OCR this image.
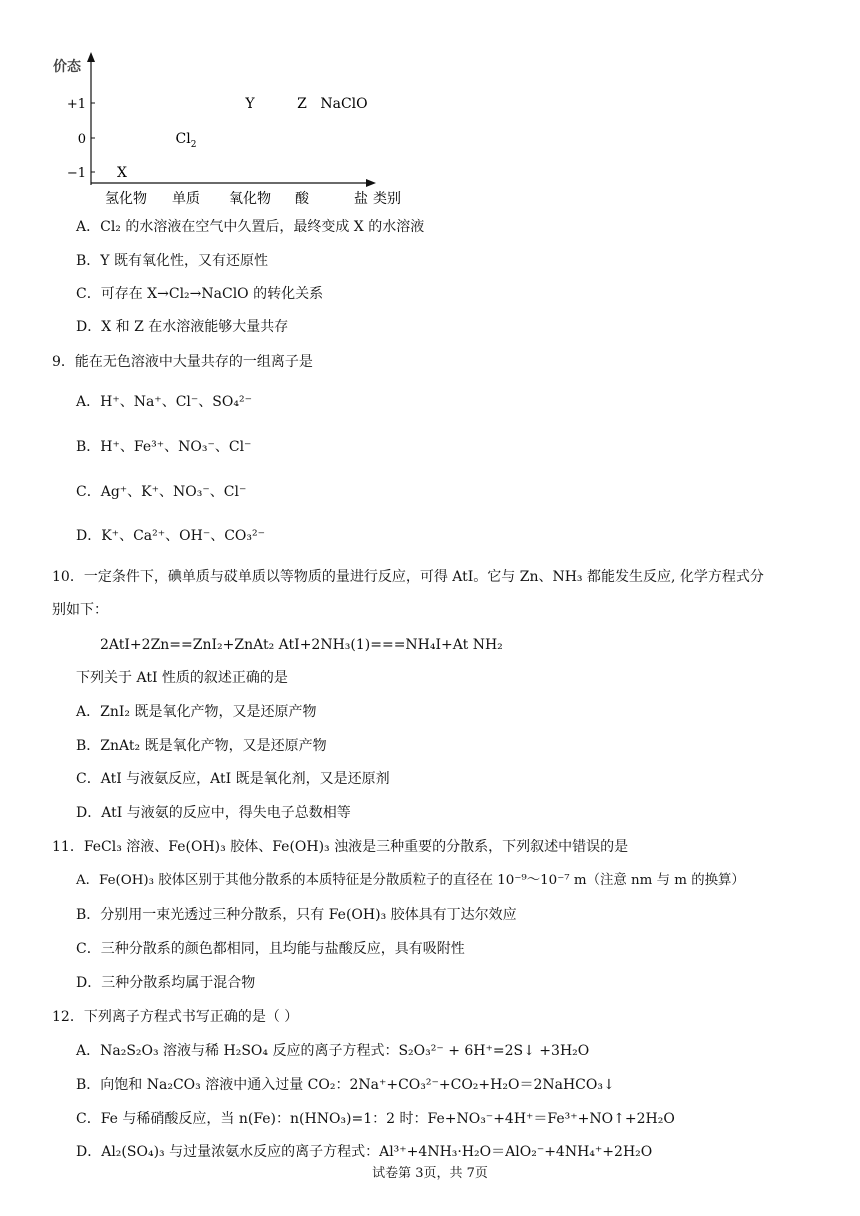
价态
+1
0
−1
氢化物 单质 氧化物 酸	盐 类别
X
$Cl_2$
Y	Z NaClO
A．Cl₂ 的水溶液在空气中久置后，最终变成 X 的水溶液
B．Y 既有氧化性，又有还原性
C．可存在 X→Cl₂→NaClO 的转化关系
D．X 和 Z 在水溶液能够大量共存
9．能在无色溶液中大量共存的一组离子是
A．H⁺、Na⁺、Cl⁻、SO₄²⁻
B．H⁺、Fe³⁺、NO₃⁻、Cl⁻
C．Ag⁺、K⁺、NO₃⁻、Cl⁻
D．K⁺、Ca²⁺、OH⁻、CO₃²⁻
10．一定条件下，碘单质与砹单质以等物质的量进行反应，可得 AtI。它与 Zn、NH₃ 都能发生反应, 化学方程式分
别如下：
2AtI+2Zn==ZnI₂+ZnAt₂ AtI+2NH₃(1)===NH₄I+At NH₂
下列关于 AtI 性质的叙述正确的是
A．ZnI₂ 既是氧化产物，又是还原产物
B．ZnAt₂ 既是氧化产物，又是还原产物
C．AtI 与液氨反应，AtI 既是氧化剂，又是还原剂
D．AtI 与液氨的反应中，得失电子总数相等
11．FeCl₃ 溶液、Fe(OH)₃ 胶体、Fe(OH)₃ 浊液是三种重要的分散系，下列叙述中错误的是
A．Fe(OH)₃ 胶体区别于其他分散系的本质特征是分散质粒子的直径在 10⁻⁹～10⁻⁷ m（注意 nm 与 m 的换算）
B．分别用一束光透过三种分散系，只有 Fe(OH)₃ 胶体具有丁达尔效应
C．三种分散系的颜色都相同，且均能与盐酸反应，具有吸附性
D．三种分散系均属于混合物
12．下列离子方程式书写正确的是（ ）
A．Na₂S₂O₃ 溶液与稀 H₂SO₄ 反应的离子方程式：S₂O₃²⁻ + 6H⁺=2S↓ +3H₂O
B．向饱和 Na₂CO₃ 溶液中通入过量 CO₂：2Na⁺+CO₃²⁻+CO₂+H₂O＝2NaHCO₃↓
C．Fe 与稀硝酸反应，当 n(Fe)：n(HNO₃)=1：2 时：Fe+NO₃⁻+4H⁺＝Fe³⁺+NO↑+2H₂O
D．Al₂(SO₄)₃ 与过量浓氨水反应的离子方程式：Al³⁺+4NH₃·H₂O＝AlO₂⁻+4NH₄⁺+2H₂O
试卷第 3页，共 7页
